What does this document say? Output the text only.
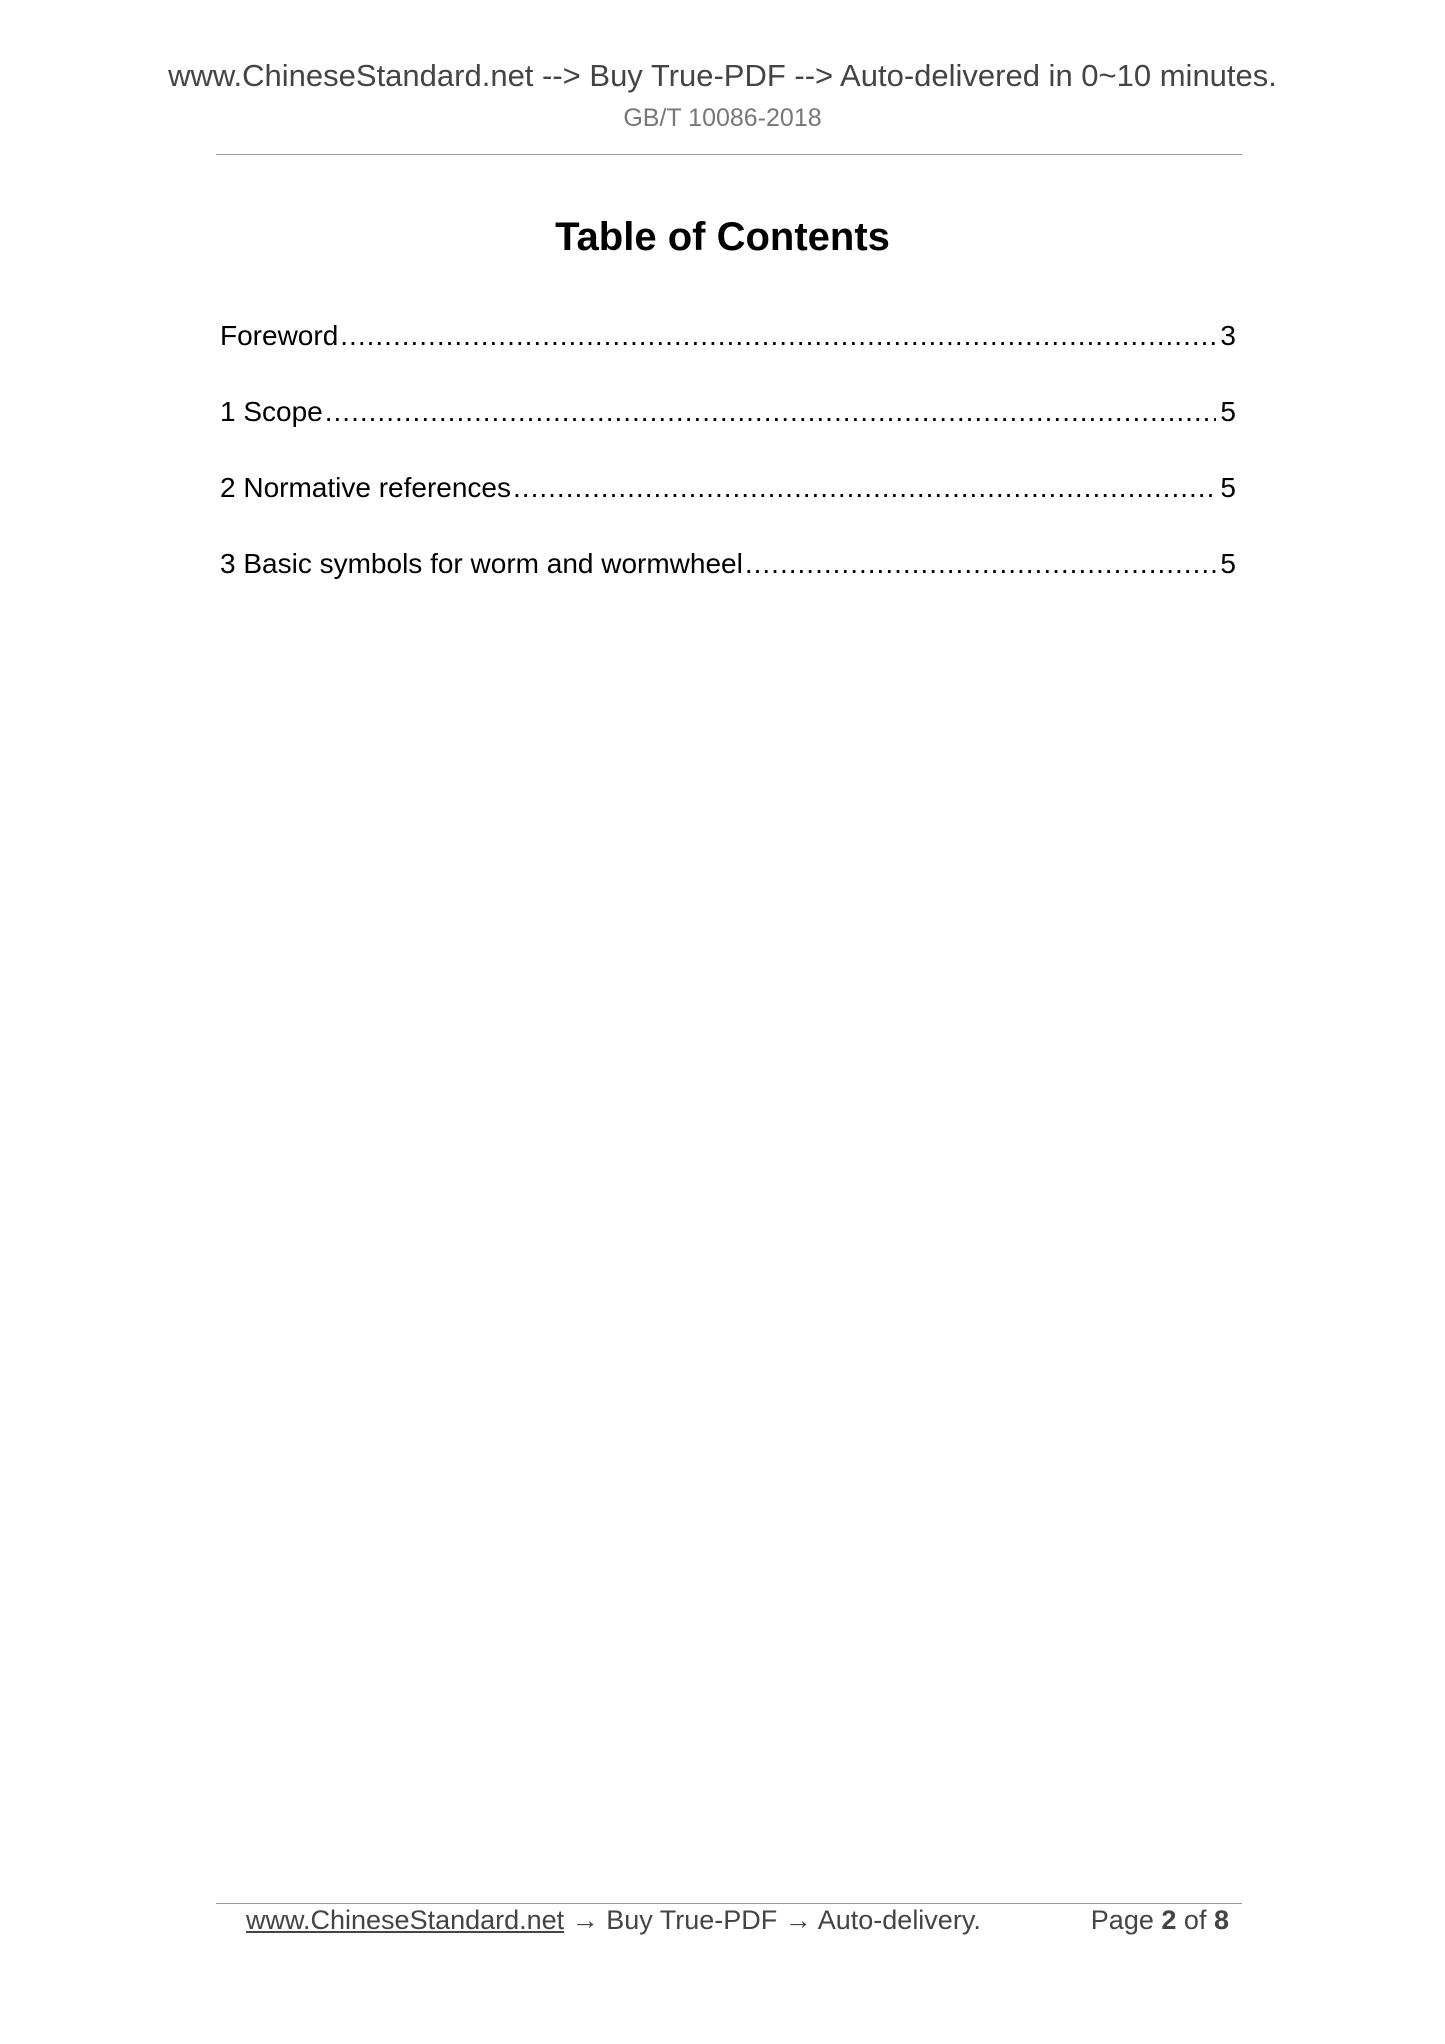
www.ChineseStandard.net --> Buy True-PDF --> Auto-delivered in 0~10 minutes.
GB/T 10086-2018
Table of Contents
Foreword .....	3
1 Scope .....	5
2 Normative references .....	5
3 Basic symbols for worm and wormwheel .....	5
www.ChineseStandard.net → Buy True-PDF → Auto-delivery.	Page 2 of 8
